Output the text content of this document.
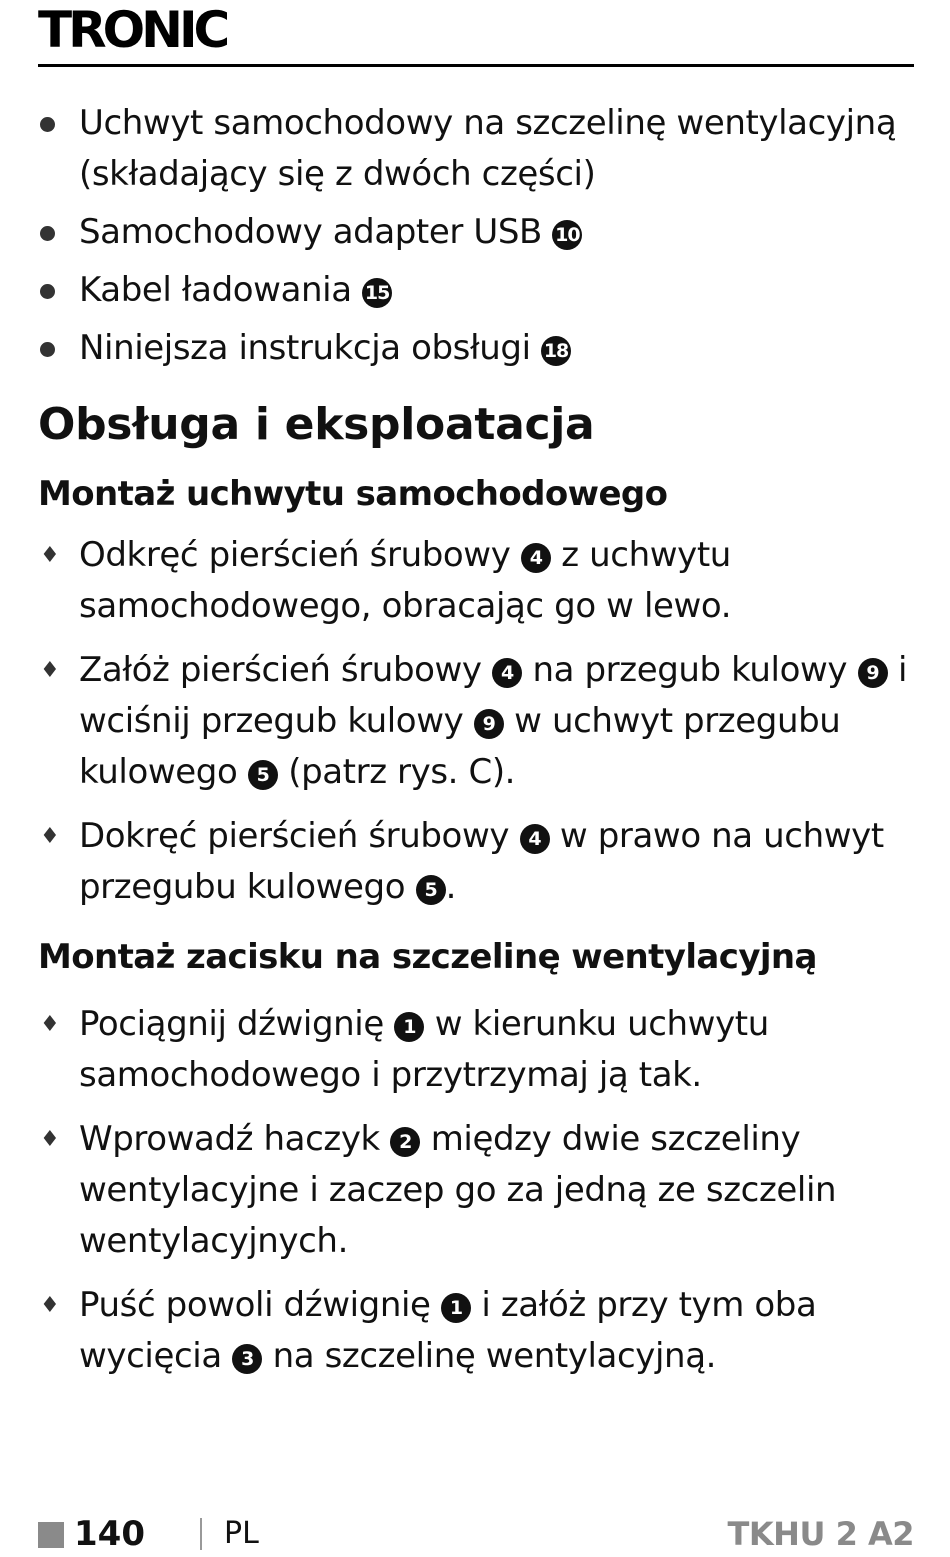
TRONIC
Uchwyt samochodowy na szczelinę wentylacyjną (składający się z dwóch części)
Samochodowy adapter USB 10
Kabel ładowania 15
Niniejsza instrukcja obsługi 18
Obsługa i eksploatacja
Montaż uchwytu samochodowego
♦ Odkręć pierścień śrubowy 4 z uchwytu samochodowego, obracając go w lewo.
♦ Załóż pierścień śrubowy 4 na przegub kulowy 9 i wciśnij przegub kulowy 9 w uchwyt przegubu kulowego 5 (patrz rys. C).
♦ Dokręć pierścień śrubowy 4 w prawo na uchwyt przegubu kulowego 5 .
Montaż zacisku na szczelinę wentylacyjną
♦ Pociągnij dźwignię 1 w kierunku uchwytu samochodowego i przytrzymaj ją tak.
♦ Wprowadź haczyk 2 między dwie szczeliny wentylacyjne i zaczep go za jedną ze szczelin wentylacyjnych.
♦ Puść powoli dźwignię 1 i załóż przy tym oba wycięcia 3 na szczelinę wentylacyjną.
140	PL	TKHU 2 A2
